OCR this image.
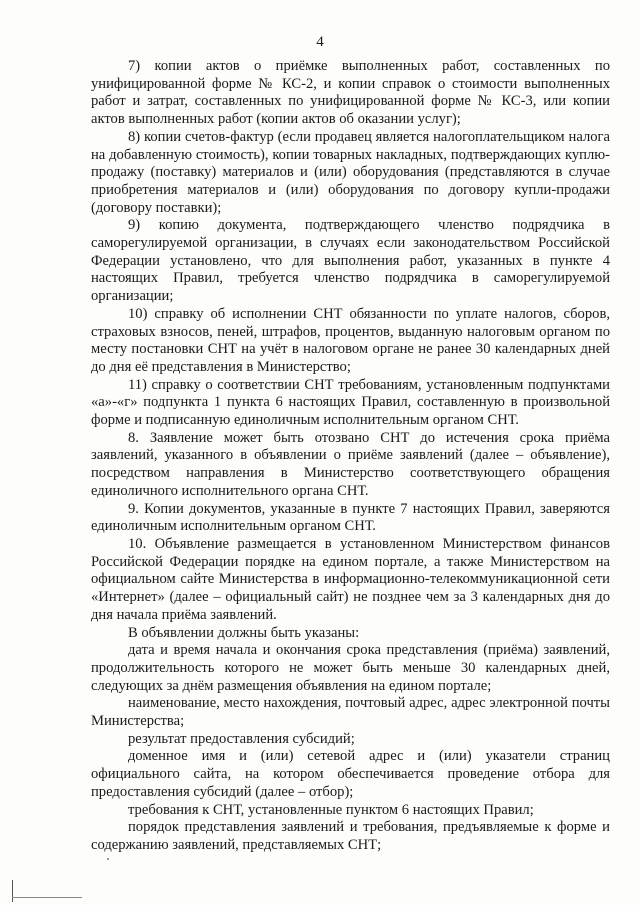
4

7) копии актов о приёмке выполненных работ, составленных по унифицированной форме № КС-2, и копии справок о стоимости выполненных работ и затрат, составленных по унифицированной форме № КС-3, или копии актов выполненных работ (копии актов об оказании услуг);

8) копии счетов-фактур (если продавец является налогоплательщиком налога на добавленную стоимость), копии товарных накладных, подтверждающих куплю-продажу (поставку) материалов и (или) оборудования (представляются в случае приобретения материалов и (или) оборудования по договору купли-продажи (договору поставки);

9) копию документа, подтверждающего членство подрядчика в саморегулируемой организации, в случаях если законодательством Российской Федерации установлено, что для выполнения работ, указанных в пункте 4 настоящих Правил, требуется членство подрядчика в саморегулируемой организации;

10) справку об исполнении СНТ обязанности по уплате налогов, сборов, страховых взносов, пеней, штрафов, процентов, выданную налоговым органом по месту постановки СНТ на учёт в налоговом органе не ранее 30 календарных дней до дня её представления в Министерство;

11) справку о соответствии СНТ требованиям, установленным подпунктами «а»-«г» подпункта 1 пункта 6 настоящих Правил, составленную в произвольной форме и подписанную единоличным исполнительным органом СНТ.

8. Заявление может быть отозвано СНТ до истечения срока приёма заявлений, указанного в объявлении о приёме заявлений (далее – объявление), посредством направления в Министерство соответствующего обращения единоличного исполнительного органа СНТ.

9. Копии документов, указанные в пункте 7 настоящих Правил, заверяются единоличным исполнительным органом СНТ.

10. Объявление размещается в установленном Министерством финансов Российской Федерации порядке на едином портале, а также Министерством на официальном сайте Министерства в информационно-телекоммуникационной сети «Интернет» (далее – официальный сайт) не позднее чем за 3 календарных дня до дня начала приёма заявлений.

В объявлении должны быть указаны:

дата и время начала и окончания срока представления (приёма) заявлений, продолжительность которого не может быть меньше 30 календарных дней, следующих за днём размещения объявления на едином портале;

наименование, место нахождения, почтовый адрес, адрес электронной почты Министерства;

результат предоставления субсидий;

доменное имя и (или) сетевой адрес и (или) указатели страниц официального сайта, на котором обеспечивается проведение отбора для предоставления субсидий (далее – отбор);

требования к СНТ, установленные пунктом 6 настоящих Правил;

порядок представления заявлений и требования, предъявляемые к форме и содержанию заявлений, представляемых СНТ;
